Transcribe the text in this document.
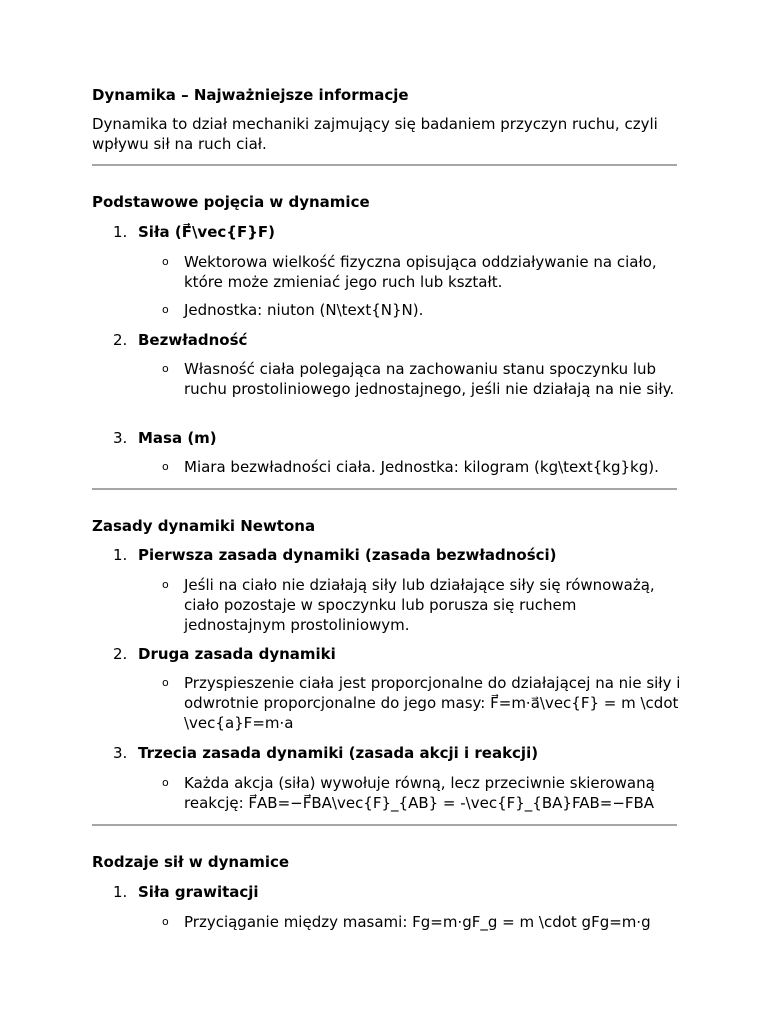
Dynamika – Najważniejsze informacje
Dynamika to dział mechaniki zajmujący się badaniem przyczyn ruchu, czyli wpływu sił na ruch ciał.
Podstawowe pojęcia w dynamice
1. Siła (F⃗\vec{F}F)
o	Wektorowa wielkość fizyczna opisująca oddziaływanie na ciało, które może zmieniać jego ruch lub kształt.
o	Jednostka: niuton (N\text{N}N).
2. Bezwładność
o	Własność ciała polegająca na zachowaniu stanu spoczynku lub ruchu prostoliniowego jednostajnego, jeśli nie działają na nie siły.
3. Masa (m)
o	Miara bezwładności ciała. Jednostka: kilogram (kg\text{kg}kg).
Zasady dynamiki Newtona
1. Pierwsza zasada dynamiki (zasada bezwładności)
o	Jeśli na ciało nie działają siły lub działające siły się równoważą, ciało pozostaje w spoczynku lub porusza się ruchem jednostajnym prostoliniowym.
2. Druga zasada dynamiki
o	Przyspieszenie ciała jest proporcjonalne do działającej na nie siły i odwrotnie proporcjonalne do jego masy: F⃗=m⋅a⃗\vec{F} = m \cdot \vec{a}F=m⋅a
3. Trzecia zasada dynamiki (zasada akcji i reakcji)
o	Każda akcja (siła) wywołuje równą, lecz przeciwnie skierowaną reakcję: F⃗AB=−F⃗BA\vec{F}_{AB} = -\vec{F}_{BA}FAB=−FBA
Rodzaje sił w dynamice
1. Siła grawitacji
o	Przyciąganie między masami: Fg=m⋅gF_g = m \cdot gFg=m⋅g
